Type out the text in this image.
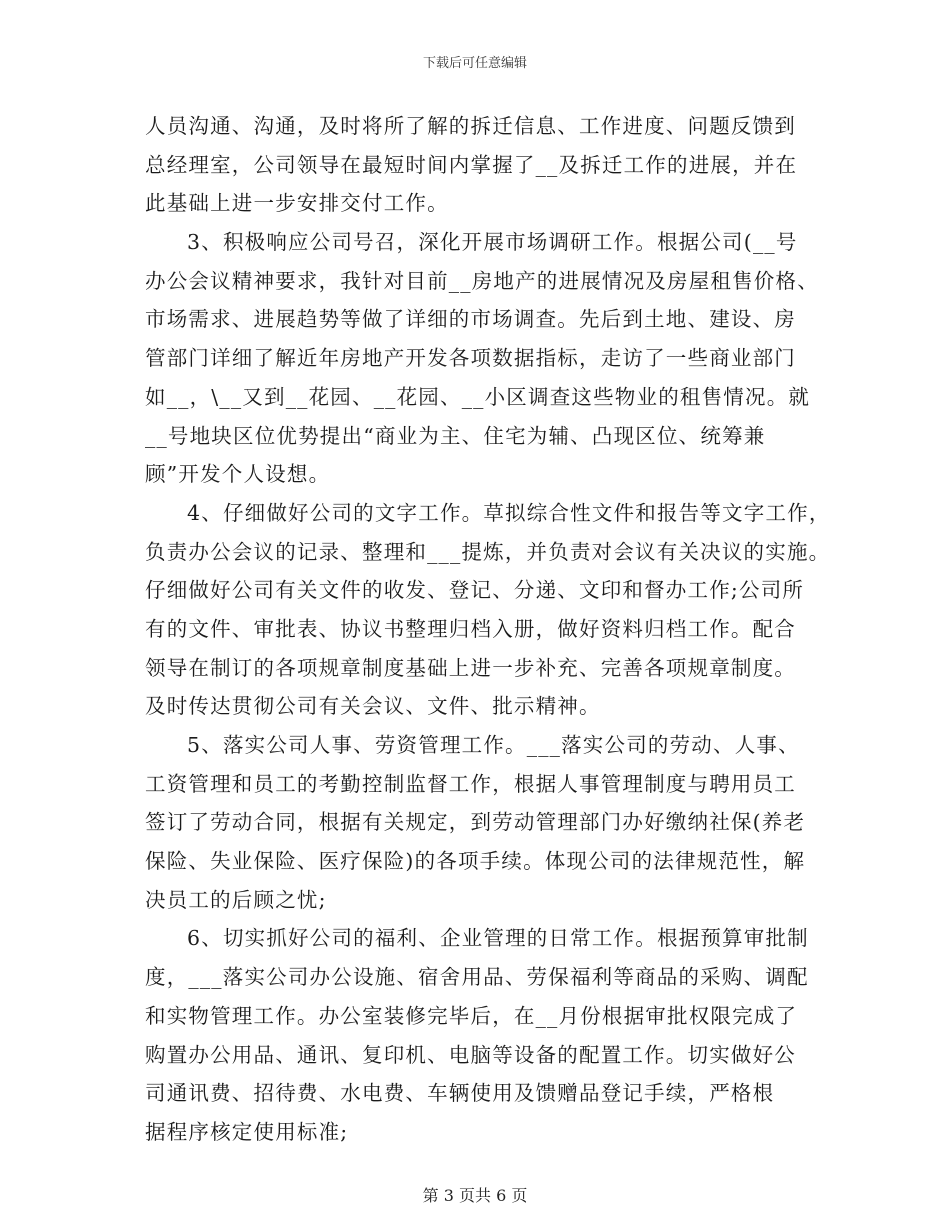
下载后可任意编辑
人员沟通、沟通，及时将所了解的拆迁信息、工作进度、问题反馈到
总经理室，公司领导在最短时间内掌握了__及拆迁工作的进展，并在
此基础上进一步安排交付工作。
3、积极响应公司号召，深化开展市场调研工作。根据公司(__号
办公会议精神要求，我针对目前__房地产的进展情况及房屋租售价格、
市场需求、进展趋势等做了详细的市场调查。先后到土地、建设、房
管部门详细了解近年房地产开发各项数据指标，走访了一些商业部门
如__，\__又到__花园、__花园、__小区调查这些物业的租售情况。就
__号地块区位优势提出“商业为主、住宅为辅、凸现区位、统筹兼
顾”开发个人设想。
4、仔细做好公司的文字工作。草拟综合性文件和报告等文字工作，
负责办公会议的记录、整理和___提炼，并负责对会议有关决议的实施。
仔细做好公司有关文件的收发、登记、分递、文印和督办工作;公司所
有的文件、审批表、协议书整理归档入册，做好资料归档工作。配合
领导在制订的各项规章制度基础上进一步补充、完善各项规章制度。
及时传达贯彻公司有关会议、文件、批示精神。
5、落实公司人事、劳资管理工作。___落实公司的劳动、人事、
工资管理和员工的考勤控制监督工作，根据人事管理制度与聘用员工
签订了劳动合同，根据有关规定，到劳动管理部门办好缴纳社保(养老
保险、失业保险、医疗保险)的各项手续。体现公司的法律规范性，解
决员工的后顾之忧;
6、切实抓好公司的福利、企业管理的日常工作。根据预算审批制
度，___落实公司办公设施、宿舍用品、劳保福利等商品的采购、调配
和实物管理工作。办公室装修完毕后，在__月份根据审批权限完成了
购置办公用品、通讯、复印机、电脑等设备的配置工作。切实做好公
司通讯费、招待费、水电费、车辆使用及馈赠品登记手续，严格根
据程序核定使用标准;
第 3 页共 6 页
